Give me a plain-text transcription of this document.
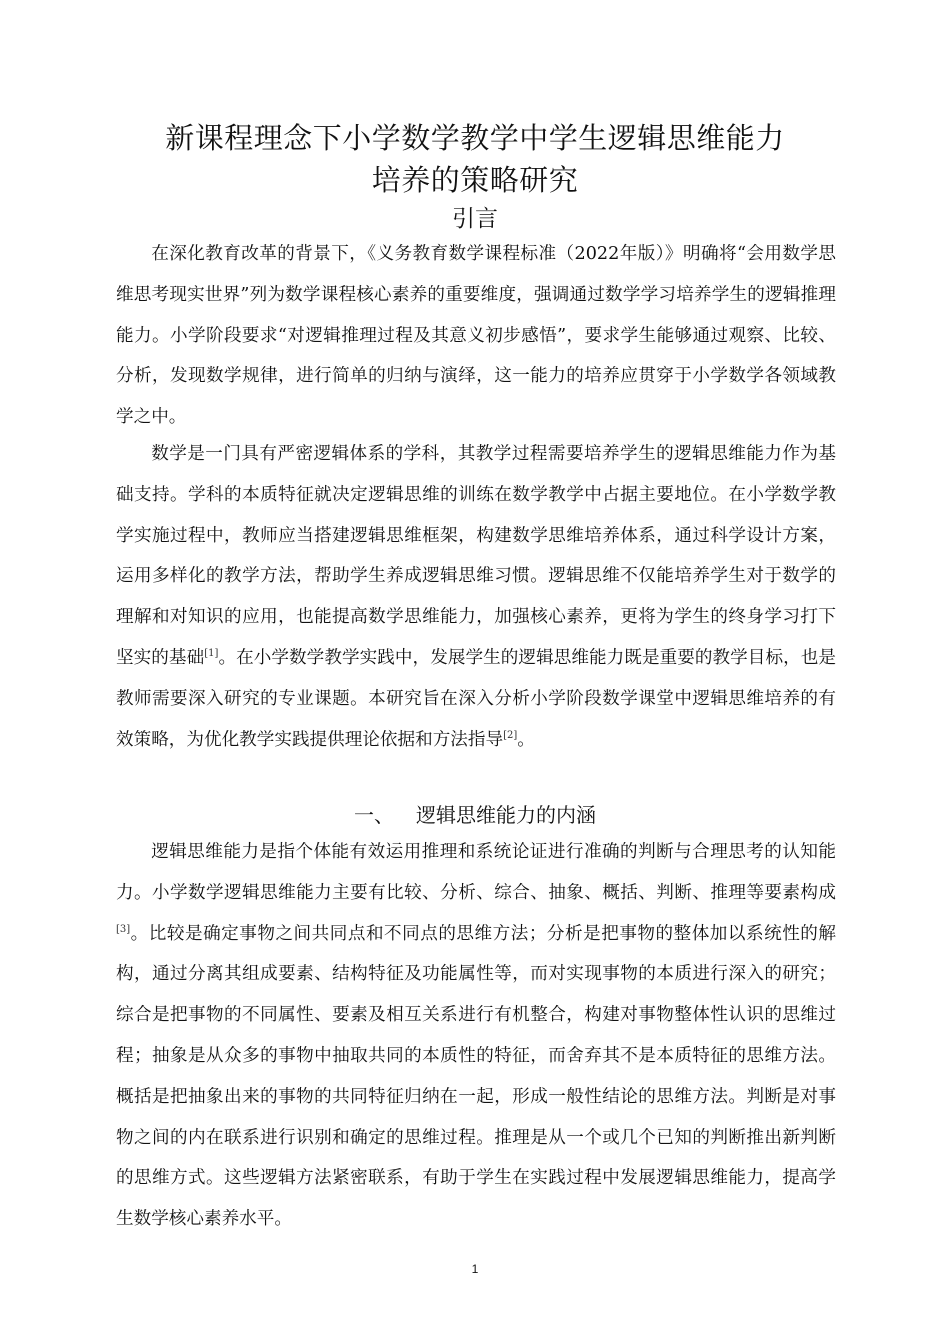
新课程理念下小学数学教学中学生逻辑思维能力
培养的策略研究
引言

在深化教育改革的背景下，《义务教育数学课程标准（2022年版）》明确将“会用数学思维思考现实世界”列为数学课程核心素养的重要维度，强调通过数学学习培养学生的逻辑推理能力。小学阶段要求“对逻辑推理过程及其意义初步感悟”，要求学生能够通过观察、比较、分析，发现数学规律，进行简单的归纳与演绎，这一能力的培养应贯穿于小学数学各领域教学之中。

数学是一门具有严密逻辑体系的学科，其教学过程需要培养学生的逻辑思维能力作为基础支持。学科的本质特征就决定逻辑思维的训练在数学教学中占据主要地位。在小学数学教学实施过程中，教师应当搭建逻辑思维框架，构建数学思维培养体系，通过科学设计方案，运用多样化的教学方法，帮助学生养成逻辑思维习惯。逻辑思维不仅能培养学生对于数学的理解和对知识的应用，也能提高数学思维能力，加强核心素养，更将为学生的终身学习打下坚实的基础[1]。在小学数学教学实践中，发展学生的逻辑思维能力既是重要的教学目标，也是教师需要深入研究的专业课题。本研究旨在深入分析小学阶段数学课堂中逻辑思维培养的有效策略，为优化教学实践提供理论依据和方法指导[2]。

一、 逻辑思维能力的内涵

逻辑思维能力是指个体能有效运用推理和系统论证进行准确的判断与合理思考的认知能力。小学数学逻辑思维能力主要有比较、分析、综合、抽象、概括、判断、推理等要素构成[3]。比较是确定事物之间共同点和不同点的思维方法；分析是把事物的整体加以系统性的解构，通过分离其组成要素、结构特征及功能属性等，而对实现事物的本质进行深入的研究；综合是把事物的不同属性、要素及相互关系进行有机整合，构建对事物整体性认识的思维过程；抽象是从众多的事物中抽取共同的本质性的特征，而舍弃其不是本质特征的思维方法。概括是把抽象出来的事物的共同特征归纳在一起，形成一般性结论的思维方法。判断是对事物之间的内在联系进行识别和确定的思维过程。推理是从一个或几个已知的判断推出新判断的思维方式。这些逻辑方法紧密联系，有助于学生在实践过程中发展逻辑思维能力，提高学生数学核心素养水平。

1
